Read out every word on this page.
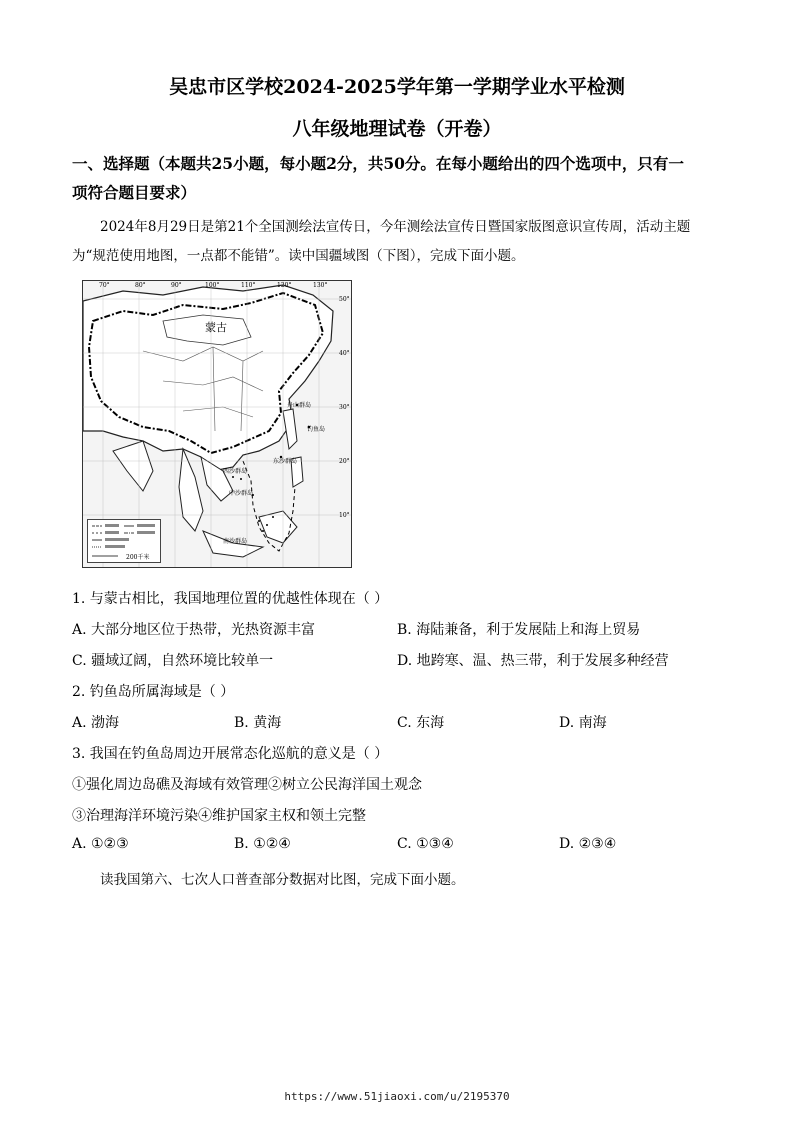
吴忠市区学校2024-2025学年第一学期学业水平检测
八年级地理试卷（开卷）
一、选择题（本题共25小题，每小题2分，共50分。在每小题给出的四个选项中，只有一
项符合题目要求）
2024年8月29日是第21个全国测绘法宣传日，今年测绘法宣传日暨国家版图意识宣传周，活动主题
为“规范使用地图，一点都不能错”。读中国疆域图（下图），完成下面小题。
70°	80°	90°	100°	110°	120°	130°
50°
40°
30°
20°
10°
蒙古
舟山群岛
钓鱼岛
东沙群岛
西沙群岛
中沙群岛
南沙群岛
200千米
1. 与蒙古相比，我国地理位置的优越性体现在（ ）
A. 大部分地区位于热带，光热资源丰富	B. 海陆兼备，利于发展陆上和海上贸易
C. 疆域辽阔，自然环境比较单一	D. 地跨寒、温、热三带，利于发展多种经营
2. 钓鱼岛所属海域是（ ）
A. 渤海	B. 黄海	C. 东海	D. 南海
3. 我国在钓鱼岛周边开展常态化巡航的意义是（ ）
①强化周边岛礁及海域有效管理②树立公民海洋国土观念
③治理海洋环境污染④维护国家主权和领土完整
A. ①②③	B. ①②④	C. ①③④	D. ②③④
读我国第六、七次人口普查部分数据对比图，完成下面小题。
https://www.51jiaoxi.com/u/2195370
